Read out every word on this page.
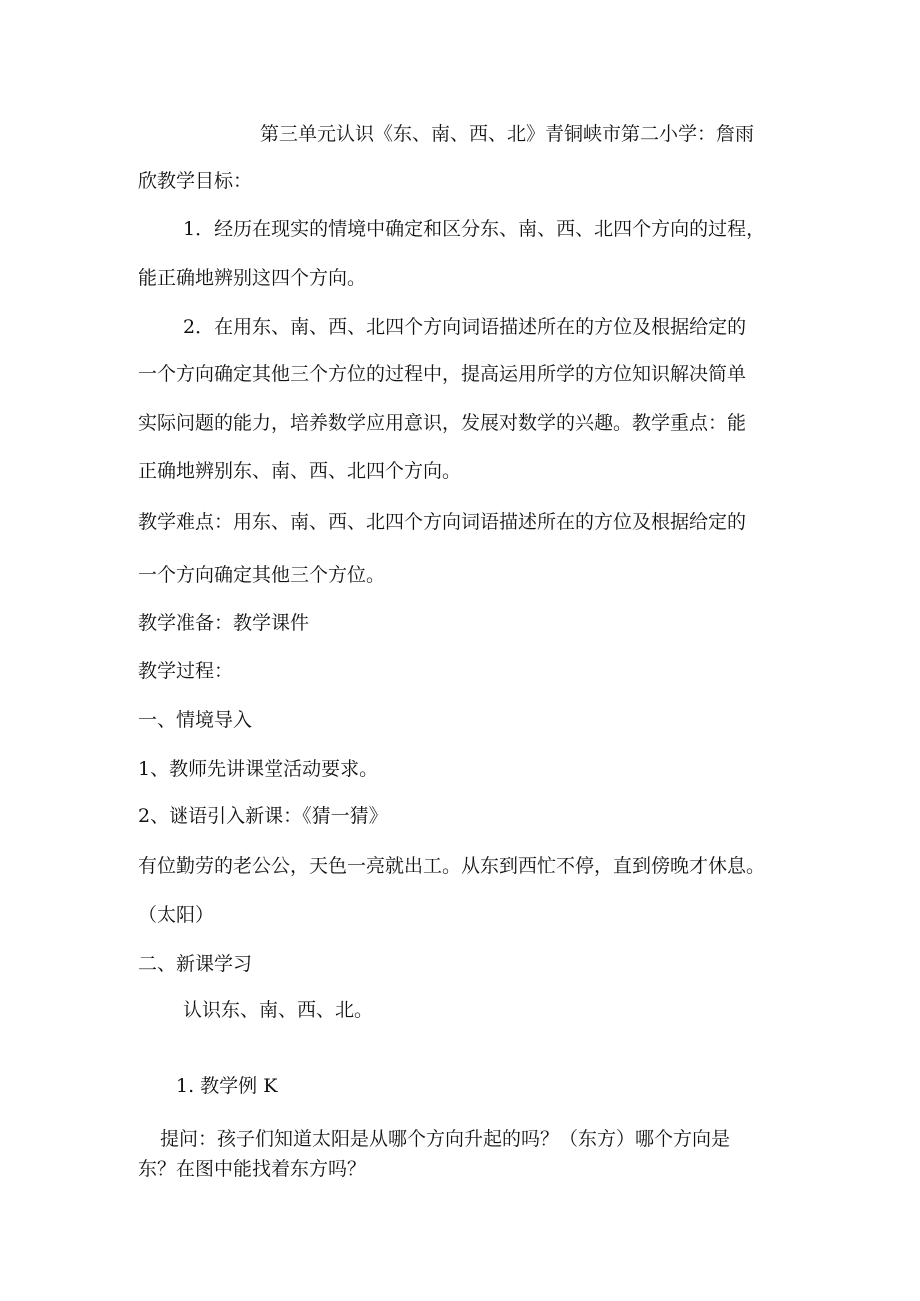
第三单元认识《东、南、西、北》青铜峡市第二小学：詹雨

欣教学目标：

1．经历在现实的情境中确定和区分东、南、西、北四个方向的过程，

能正确地辨别这四个方向。

2．在用东、南、西、北四个方向词语描述所在的方位及根据给定的

一个方向确定其他三个方位的过程中，提高运用所学的方位知识解决简单

实际问题的能力，培养数学应用意识，发展对数学的兴趣。教学重点：能

正确地辨别东、南、西、北四个方向。

教学难点：用东、南、西、北四个方向词语描述所在的方位及根据给定的

一个方向确定其他三个方位。

教学准备：教学课件

教学过程：

一、情境导入

1、教师先讲课堂活动要求。

2、谜语引入新课：《猜一猜》

有位勤劳的老公公，天色一亮就出工。从东到西忙不停，直到傍晚才休息。

（太阳）

二、新课学习

认识东、南、西、北。

1. 教学例 K

提问：孩子们知道太阳是从哪个方向升起的吗？（东方）哪个方向是

东？在图中能找着东方吗？
